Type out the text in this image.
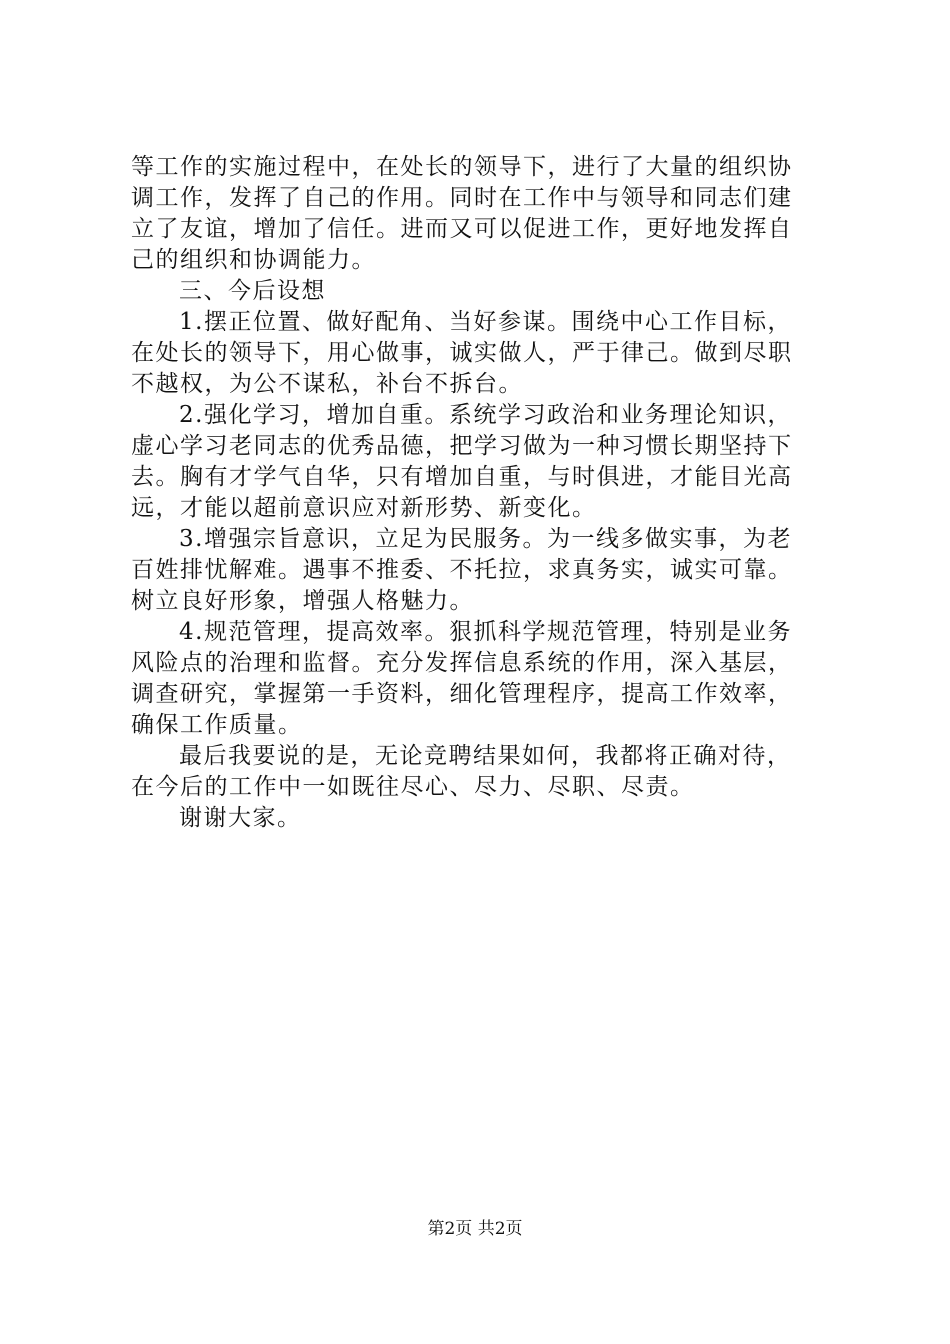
等工作的实施过程中，在处长的领导下，进行了大量的组织协
调工作，发挥了自己的作用。同时在工作中与领导和同志们建
立了友谊，增加了信任。进而又可以促进工作，更好地发挥自
己的组织和协调能力。
三、今后设想
1.摆正位置、做好配角、当好参谋。围绕中心工作目标，
在处长的领导下，用心做事，诚实做人，严于律己。做到尽职
不越权，为公不谋私，补台不拆台。
2.强化学习，增加自重。系统学习政治和业务理论知识，
虚心学习老同志的优秀品德，把学习做为一种习惯长期坚持下
去。胸有才学气自华，只有增加自重，与时俱进，才能目光高
远，才能以超前意识应对新形势、新变化。
3.增强宗旨意识，立足为民服务。为一线多做实事，为老
百姓排忧解难。遇事不推委、不托拉，求真务实，诚实可靠。
树立良好形象，增强人格魅力。
4.规范管理，提高效率。狠抓科学规范管理，特别是业务
风险点的治理和监督。充分发挥信息系统的作用，深入基层，
调查研究，掌握第一手资料，细化管理程序，提高工作效率，
确保工作质量。
最后我要说的是，无论竞聘结果如何，我都将正确对待，
在今后的工作中一如既往尽心、尽力、尽职、尽责。
谢谢大家。
第2页 共2页
